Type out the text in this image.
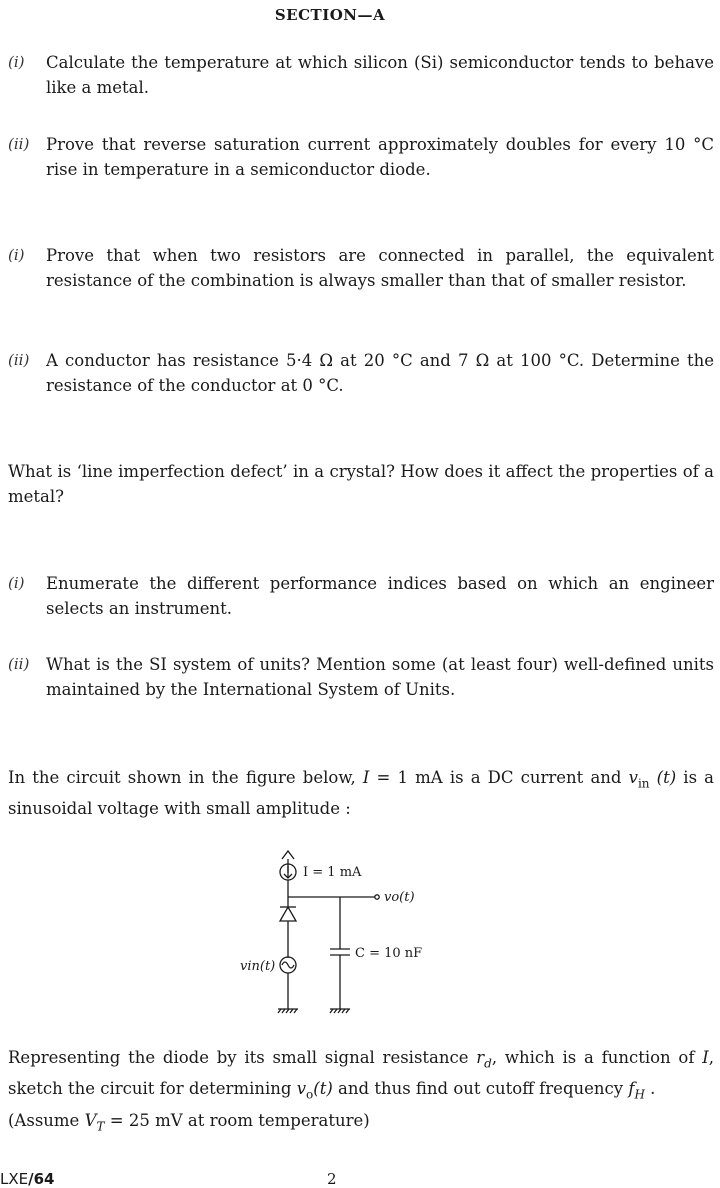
SECTION—A
(i) Calculate the temperature at which silicon (Si) semiconductor tends to behave like a metal.
(ii) Prove that reverse saturation current approximately doubles for every 10 °C rise in temperature in a semiconductor diode.
(i) Prove that when two resistors are connected in parallel, the equivalent resistance of the combination is always smaller than that of smaller resistor.
(ii) A conductor has resistance 5·4 Ω at 20 °C and 7 Ω at 100 °C. Determine the resistance of the conductor at 0 °C.
What is ‘line imperfection defect’ in a crystal? How does it affect the properties of a metal?
(i) Enumerate the different performance indices based on which an engineer selects an instrument.
(ii) What is the SI system of units? Mention some (at least four) well-defined units maintained by the International System of Units.
In the circuit shown in the figure below, I = 1 mA is a DC current and $v_{in}$ (t) is a sinusoidal voltage with small amplitude :
I = 1 mA
vo(t)
C = 10 nF
vin(t)
Representing the diode by its small signal resistance $r_d$, which is a function of I, sketch the circuit for determining $v_o(t)$ and thus find out cutoff frequency $f_H$ .
(Assume $V_T = 25$ mV at room temperature)
LXE/64	2
